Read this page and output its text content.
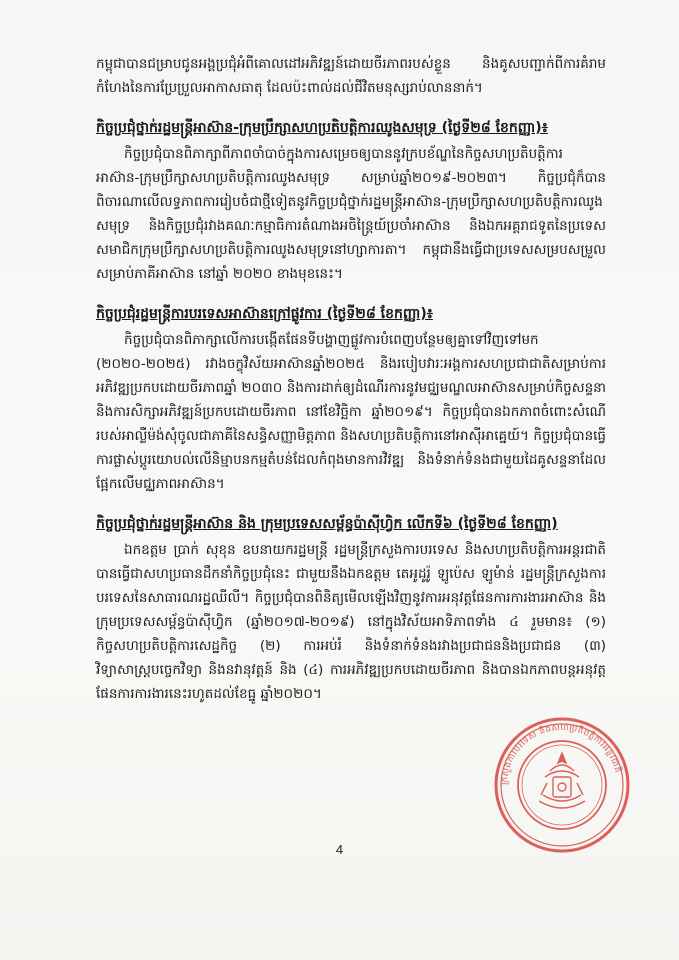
កម្ពុជាបានជម្រាបជូនអង្គប្រជុំអំពីគោលដៅអភិវឌ្ឍន៍ដោយចីរភាពរបស់ខ្លួន និងគូសបញ្ជាក់ពីការគំរាមកំហែងនៃការប្រែប្រួលអាកាសធាតុ ដែលប៉ះពាល់ដល់ជីវិតមនុស្សរាប់លាននាក់។

កិច្ចប្រជុំថ្នាក់រដ្ឋមន្ត្រីអាស៊ាន-ក្រុមប្រឹក្សាសហប្រតិបត្តិការឈូងសមុទ្រ (ថ្ងៃទី២៨ ខែកញ្ញា)៖

កិច្ចប្រជុំបានពិភាក្សាពីភាពចាំបាច់ក្នុងការសម្រេចឲ្យបាននូវក្របខ័ណ្ឌនៃកិច្ចសហប្រតិបត្តិការអាស៊ាន-ក្រុមប្រឹក្សាសហប្រតិបត្តិការឈូងសមុទ្រ សម្រាប់ឆ្នាំ២០១៩-២០២៣។ កិច្ចប្រជុំក៏បានពិចារណាលើលទ្ធភាពការរៀបចំជាថ្មីទៀតនូវកិច្ចប្រជុំថ្នាក់រដ្ឋមន្ត្រីអាស៊ាន-ក្រុមប្រឹក្សាសហប្រតិបត្តិការឈូងសមុទ្រ និងកិច្ចប្រជុំរវាងគណៈកម្មាធិការតំណាងអចិន្ត្រៃយ៍ប្រចាំអាស៊ាន និងឯកអគ្គរាជទូតនៃប្រទេសសមាជិកក្រុមប្រឹក្សាសហប្រតិបត្តិការឈូងសមុទ្រនៅហ្សាការតា។ កម្ពុជានឹងធ្វើជាប្រទេសសម្របសម្រួលសម្រាប់ភាគីអាស៊ាន នៅឆ្នាំ ២០២០ ខាងមុខនេះ។

កិច្ចប្រជុំរដ្ឋមន្ត្រីការបរទេសអាស៊ានក្រៅផ្លូវការ (ថ្ងៃទី២៨ ខែកញ្ញា)៖

កិច្ចប្រជុំបានពិភាក្សាលើការបង្កើតផែនទីបង្ហាញផ្លូវការបំពេញបន្ថែមឲ្យគ្នាទៅវិញទៅមក (២០២០-២០២៥) រវាងចក្ខុវិស័យអាស៊ានឆ្នាំ២០២៥ និងរបៀបវារៈអង្គការសហប្រជាជាតិសម្រាប់ការអភិវឌ្ឍប្រកបដោយចីរភាពឆ្នាំ ២០៣០ និងការដាក់ឲ្យដំណើរការនូវមជ្ឈមណ្ឌលអាស៊ានសម្រាប់កិច្ចសន្ទនា និងការសិក្សាអភិវឌ្ឍន៍ប្រកបដោយចីរភាព នៅខែវិច្ឆិកា ឆ្នាំ២០១៩។ កិច្ចប្រជុំបានឯកភាពចំពោះសំណើរបស់អាល្លឺម៉ង់សុំចូលជាភាគីនៃសន្ធិសញ្ញាមិត្តភាព និងសហប្រតិបត្តិការនៅអាស៊ីអាគ្នេយ៍។ កិច្ចប្រជុំបានធ្វើការផ្លាស់ប្តូរយោបល់លើនិម្មាបនកម្មតំបន់ដែលកំពុងមានការវិវឌ្ឍ និងទំនាក់ទំនងជាមួយដៃគូសន្ទនាដែលផ្អែកលើមជ្ឈភាពអាស៊ាន។

កិច្ចប្រជុំថ្នាក់រដ្ឋមន្ត្រីអាស៊ាន និង ក្រុមប្រទេសសម្ព័ន្ធប៉ាស៊ីហ្វិក លើកទី៦ (ថ្ងៃទី២៨ ខែកញ្ញា)

ឯកឧត្តម ប្រាក់ សុខុន ឧបនាយករដ្ឋមន្ត្រី រដ្ឋមន្ត្រីក្រសួងការបរទេស និងសហប្រតិបត្តិការអន្តរជាតិ បានធ្វើជាសហប្រធានដឹកនាំកិច្ចប្រជុំនេះ ជាមួយនឹងឯកឧត្តម តេអូដូរ៉ូ ឡូប៉េស ឡូមំាន់ រដ្ឋមន្ត្រីក្រសួងការបរទេសនៃសាធារណរដ្ឋឈីលី។ កិច្ចប្រជុំបានពិនិត្យមើលឡើងវិញនូវការអនុវត្តផែនការការងារអាស៊ាន និងក្រុមប្រទេសសម្ព័ន្ធប៉ាស៊ីហ្វិក (ឆ្នាំ២០១៧-២០១៩) នៅក្នុងវិស័យអាទិភាពទាំង ៤ រួមមាន៖ (១) កិច្ចសហប្រតិបត្តិការសេដ្ឋកិច្ច (២) ការអប់រំ និងទំនាក់ទំនងរវាងប្រជាជននិងប្រជាជន (៣) វិទ្យាសាស្ត្របច្ចេកវិទ្យា និងនវានុវត្តន៍ និង (៤) ការអភិវឌ្ឍប្រកបដោយចីរភាព និងបានឯកភាពបន្តអនុវត្តផែនការការងារនេះរហូតដល់ខែធ្នូ ឆ្នាំ២០២០។

4
ក្រសួងការបរទេស និងសហប្រតិបត្តិការអន្តរជាតិ
